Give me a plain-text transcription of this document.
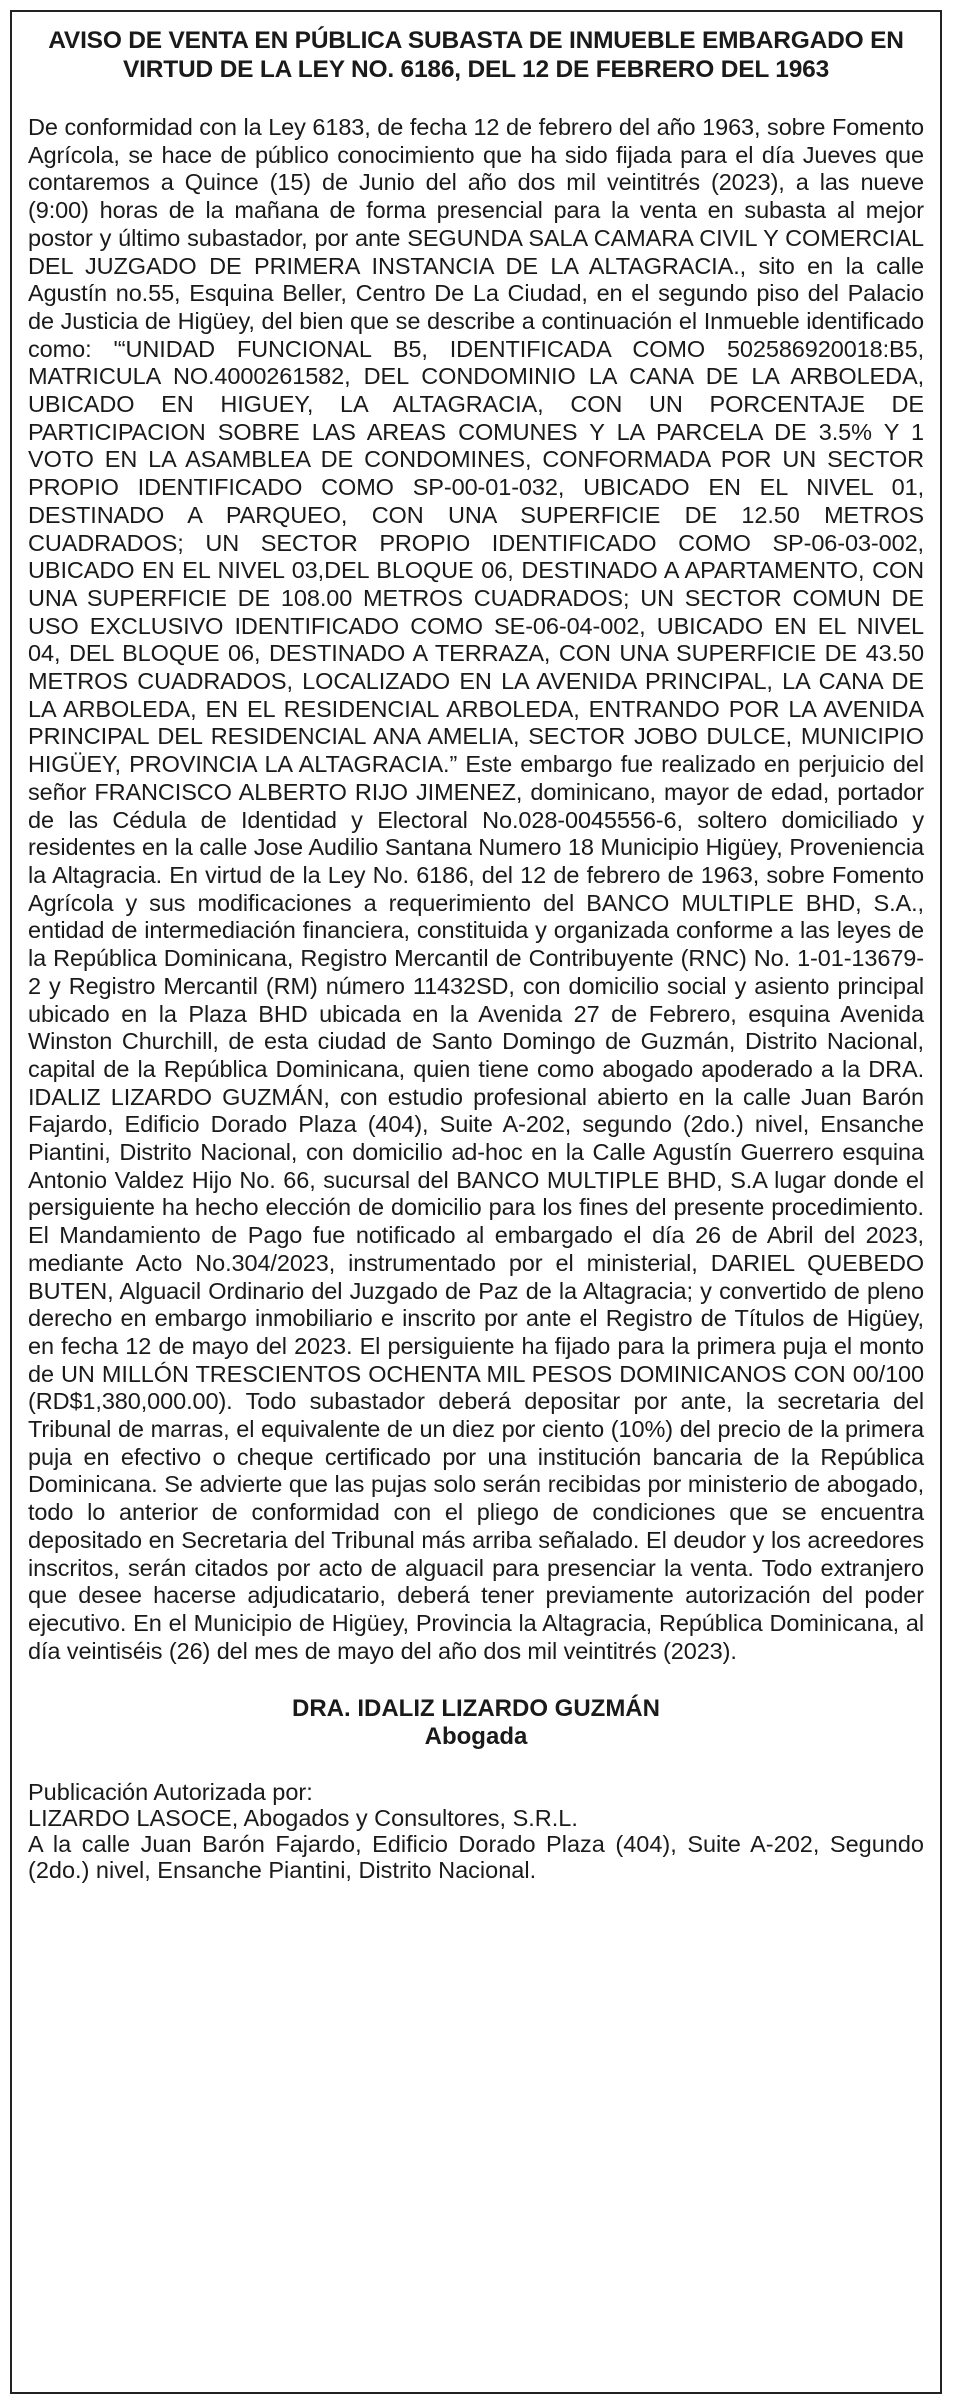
AVISO DE VENTA EN PÚBLICA SUBASTA DE INMUEBLE EMBARGADO EN VIRTUD DE LA LEY NO. 6186, DEL 12 DE FEBRERO DEL 1963
De conformidad con la Ley 6183, de fecha 12 de febrero del año 1963, sobre Fomento Agrícola, se hace de público conocimiento que ha sido fijada para el día Jueves que contaremos a Quince (15) de Junio del año dos mil veintitrés (2023), a las nueve (9:00) horas de la mañana de forma presencial para la venta en subasta al mejor postor y último subastador, por ante SEGUNDA SALA CAMARA CIVIL Y COMERCIAL DEL JUZGADO DE PRIMERA INSTANCIA DE LA ALTAGRACIA., sito en la calle Agustín no.55, Esquina Beller, Centro De La Ciudad, en el segundo piso del Palacio de Justicia de Higüey, del bien que se describe a continuación el Inmueble identificado como: '“UNIDAD FUNCIONAL B5, IDENTIFICADA COMO 502586920018:B5, MATRICULA NO.4000261582, DEL CONDOMINIO LA CANA DE LA ARBOLEDA, UBICADO EN HIGUEY, LA ALTAGRACIA, CON UN PORCENTAJE DE PARTICIPACION SOBRE LAS AREAS COMUNES Y LA PARCELA DE 3.5% Y 1 VOTO EN LA ASAMBLEA DE CONDOMINES, CONFORMADA POR UN SECTOR PROPIO IDENTIFICADO COMO SP-00-01-032, UBICADO EN EL NIVEL 01, DESTINADO A PARQUEO, CON UNA SUPERFICIE DE 12.50 METROS CUADRADOS; UN SECTOR PROPIO IDENTIFICADO COMO SP-06-03-002, UBICADO EN EL NIVEL 03,DEL BLOQUE 06, DESTINADO A APARTAMENTO, CON UNA SUPERFICIE DE 108.00 METROS CUADRADOS; UN SECTOR COMUN DE USO EXCLUSIVO IDENTIFICADO COMO SE-06-04-002, UBICADO EN EL NIVEL 04, DEL BLOQUE 06, DESTINADO A TERRAZA, CON UNA SUPERFICIE DE 43.50 METROS CUADRADOS, LOCALIZADO EN LA AVENIDA PRINCIPAL, LA CANA DE LA ARBOLEDA, EN EL RESIDENCIAL ARBOLEDA, ENTRANDO POR LA AVENIDA PRINCIPAL DEL RESIDENCIAL ANA AMELIA, SECTOR JOBO DULCE, MUNICIPIO HIGÜEY, PROVINCIA LA ALTAGRACIA.” Este embargo fue realizado en perjuicio del señor FRANCISCO ALBERTO RIJO JIMENEZ, dominicano, mayor de edad, portador de las Cédula de Identidad y Electoral No.028-0045556-6, soltero domiciliado y residentes en la calle Jose Audilio Santana Numero 18 Municipio Higüey, Proveniencia la Altagracia. En virtud de la Ley No. 6186, del 12 de febrero de 1963, sobre Fomento Agrícola y sus modificaciones a requerimiento del BANCO MULTIPLE BHD, S.A., entidad de intermediación financiera, constituida y organizada conforme a las leyes de la República Dominicana, Registro Mercantil de Contribuyente (RNC) No. 1-01-13679-2 y Registro Mercantil (RM) número 11432SD, con domicilio social y asiento principal ubicado en la Plaza BHD ubicada en la Avenida 27 de Febrero, esquina Avenida Winston Churchill, de esta ciudad de Santo Domingo de Guzmán, Distrito Nacional, capital de la República Dominicana, quien tiene como abogado apoderado a la DRA. IDALIZ LIZARDO GUZMÁN, con estudio profesional abierto en la calle Juan Barón Fajardo, Edificio Dorado Plaza (404), Suite A-202, segundo (2do.) nivel, Ensanche Piantini, Distrito Nacional, con domicilio ad-hoc en la Calle Agustín Guerrero esquina Antonio Valdez Hijo No. 66, sucursal del BANCO MULTIPLE BHD, S.A lugar donde el persiguiente ha hecho elección de domicilio para los fines del presente procedimiento. El Mandamiento de Pago fue notificado al embargado el día 26 de Abril del 2023, mediante Acto No.304/2023, instrumentado por el ministerial, DARIEL QUEBEDO BUTEN, Alguacil Ordinario del Juzgado de Paz de la Altagracia; y convertido de pleno derecho en embargo inmobiliario e inscrito por ante el Registro de Títulos de Higüey, en fecha 12 de mayo del 2023. El persiguiente ha fijado para la primera puja el monto de UN MILLÓN TRESCIENTOS OCHENTA MIL PESOS DOMINICANOS CON 00/100 (RD$1,380,000.00). Todo subastador deberá depositar por ante, la secretaria del Tribunal de marras, el equivalente de un diez por ciento (10%) del precio de la primera puja en efectivo o cheque certificado por una institución bancaria de la República Dominicana. Se advierte que las pujas solo serán recibidas por ministerio de abogado, todo lo anterior de conformidad con el pliego de condiciones que se encuentra depositado en Secretaria del Tribunal más arriba señalado. El deudor y los acreedores inscritos, serán citados por acto de alguacil para presenciar la venta. Todo extranjero que desee hacerse adjudicatario, deberá tener previamente autorización del poder ejecutivo. En el Municipio de Higüey, Provincia la Altagracia, República Dominicana, al día veintiséis (26) del mes de mayo del año dos mil veintitrés (2023).
DRA. IDALIZ LIZARDO GUZMÁN
Abogada
Publicación Autorizada por:
LIZARDO LASOCE, Abogados y Consultores, S.R.L.
A la calle Juan Barón Fajardo, Edificio Dorado Plaza (404), Suite A-202, Segundo (2do.) nivel, Ensanche Piantini, Distrito Nacional.
